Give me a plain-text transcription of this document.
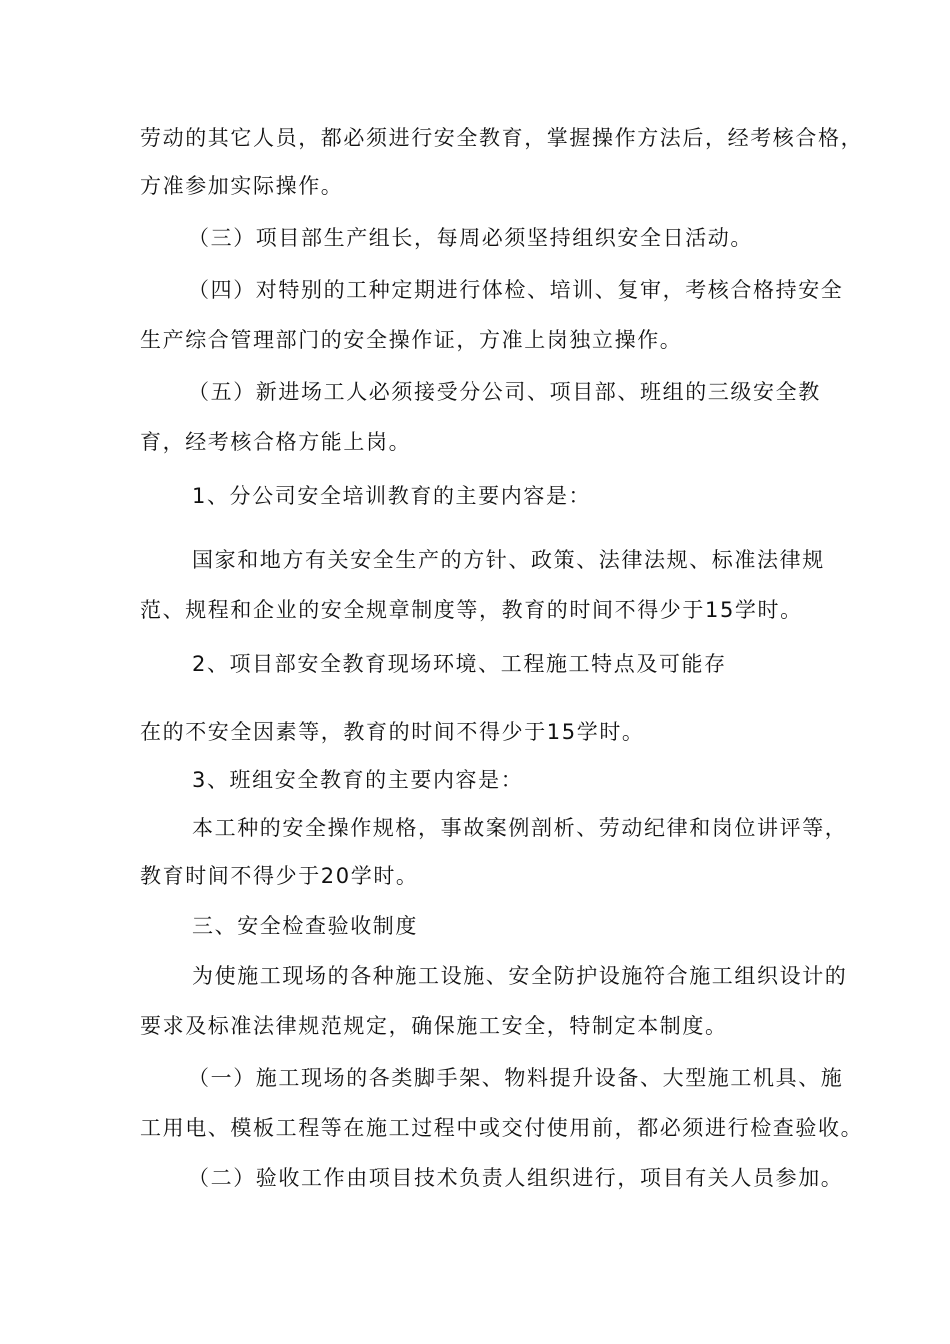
劳动的其它人员，都必须进行安全教育，掌握操作方法后，经考核合格，
方准参加实际操作。
（三）项目部生产组长，每周必须坚持组织安全日活动。
（四）对特别的工种定期进行体检、培训、复审，考核合格持安全
生产综合管理部门的安全操作证，方准上岗独立操作。
（五）新进场工人必须接受分公司、项目部、班组的三级安全教
育，经考核合格方能上岗。
1、分公司安全培训教育的主要内容是：
国家和地方有关安全生产的方针、政策、法律法规、标准法律规
范、规程和企业的安全规章制度等，教育的时间不得少于15学时。
2、项目部安全教育现场环境、工程施工特点及可能存
在的不安全因素等，教育的时间不得少于15学时。
3、班组安全教育的主要内容是：
本工种的安全操作规格，事故案例剖析、劳动纪律和岗位讲评等，
教育时间不得少于20学时。
三、安全检查验收制度
为使施工现场的各种施工设施、安全防护设施符合施工组织设计的
要求及标准法律规范规定，确保施工安全，特制定本制度。
（一）施工现场的各类脚手架、物料提升设备、大型施工机具、施
工用电、模板工程等在施工过程中或交付使用前，都必须进行检查验收。
（二）验收工作由项目技术负责人组织进行，项目有关人员参加。
